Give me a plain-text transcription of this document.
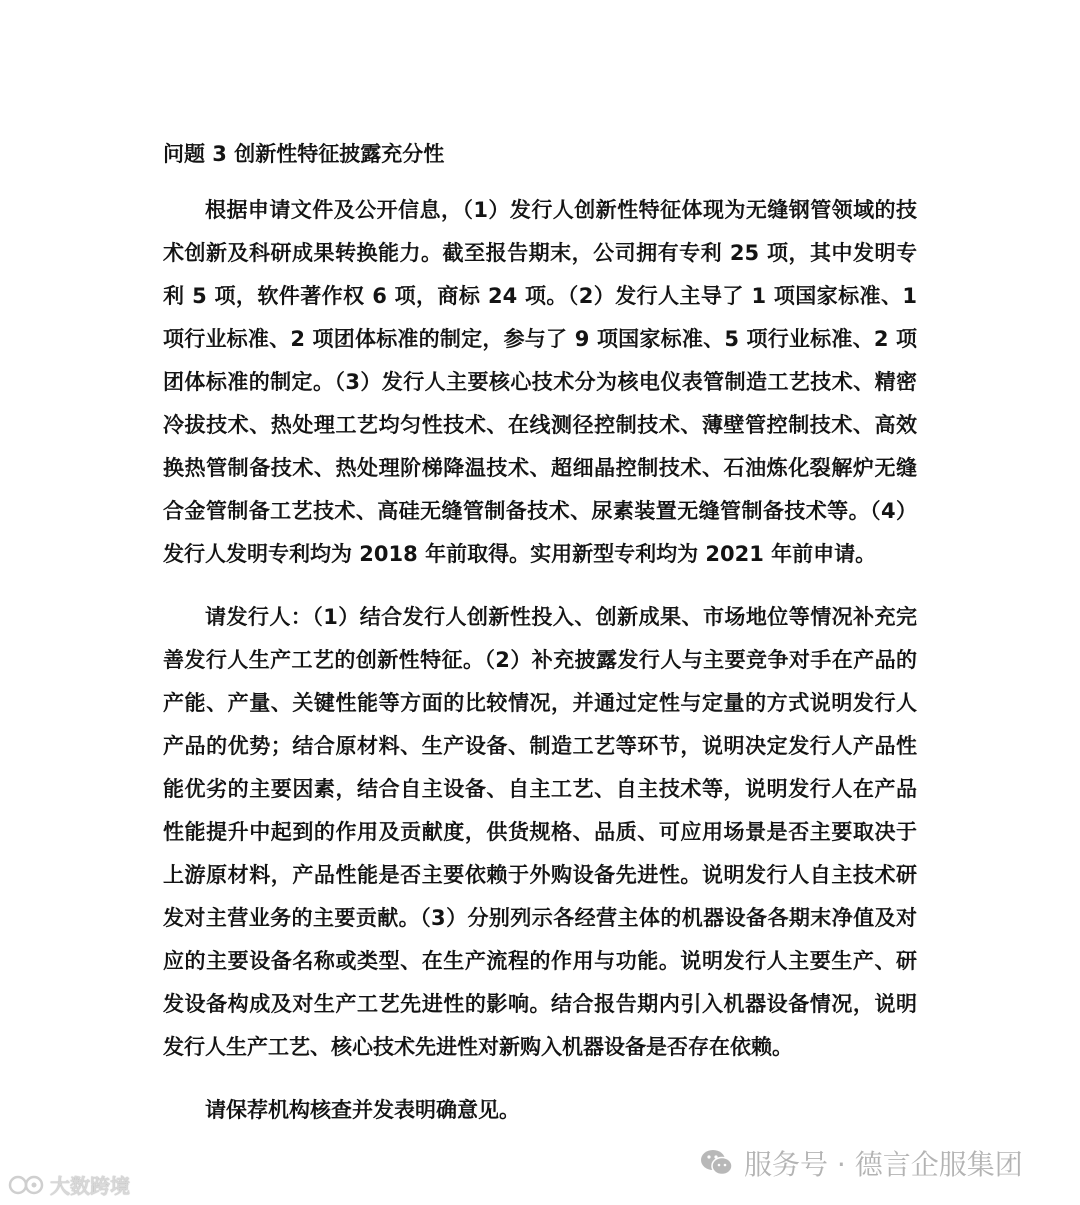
问题 3 创新性特征披露充分性

根据申请文件及公开信息，（1）发行人创新性特征体现为无缝钢管领域的技术创新及科研成果转换能力。截至报告期末，公司拥有专利 25 项，其中发明专利 5 项，软件著作权 6 项，商标 24 项。（2）发行人主导了 1 项国家标准、1 项行业标准、2 项团体标准的制定，参与了 9 项国家标准、5 项行业标准、2 项团体标准的制定。（3）发行人主要核心技术分为核电仪表管制造工艺技术、精密冷拔技术、热处理工艺均匀性技术、在线测径控制技术、薄壁管控制技术、高效换热管制备技术、热处理阶梯降温技术、超细晶控制技术、石油炼化裂解炉无缝合金管制备工艺技术、高硅无缝管制备技术、尿素装置无缝管制备技术等。（4）发行人发明专利均为 2018 年前取得。实用新型专利均为 2021 年前申请。

请发行人：（1）结合发行人创新性投入、创新成果、市场地位等情况补充完善发行人生产工艺的创新性特征。（2）补充披露发行人与主要竞争对手在产品的产能、产量、关键性能等方面的比较情况，并通过定性与定量的方式说明发行人产品的优势；结合原材料、生产设备、制造工艺等环节，说明决定发行人产品性能优劣的主要因素，结合自主设备、自主工艺、自主技术等，说明发行人在产品性能提升中起到的作用及贡献度，供货规格、品质、可应用场景是否主要取决于上游原材料，产品性能是否主要依赖于外购设备先进性。说明发行人自主技术研发对主营业务的主要贡献。（3）分别列示各经营主体的机器设备各期末净值及对应的主要设备名称或类型、在生产流程的作用与功能。说明发行人主要生产、研发设备构成及对生产工艺先进性的影响。结合报告期内引入机器设备情况，说明发行人生产工艺、核心技术先进性对新购入机器设备是否存在依赖。

请保荐机构核查并发表明确意见。

服务号 · 德言企服集团
大数跨境
